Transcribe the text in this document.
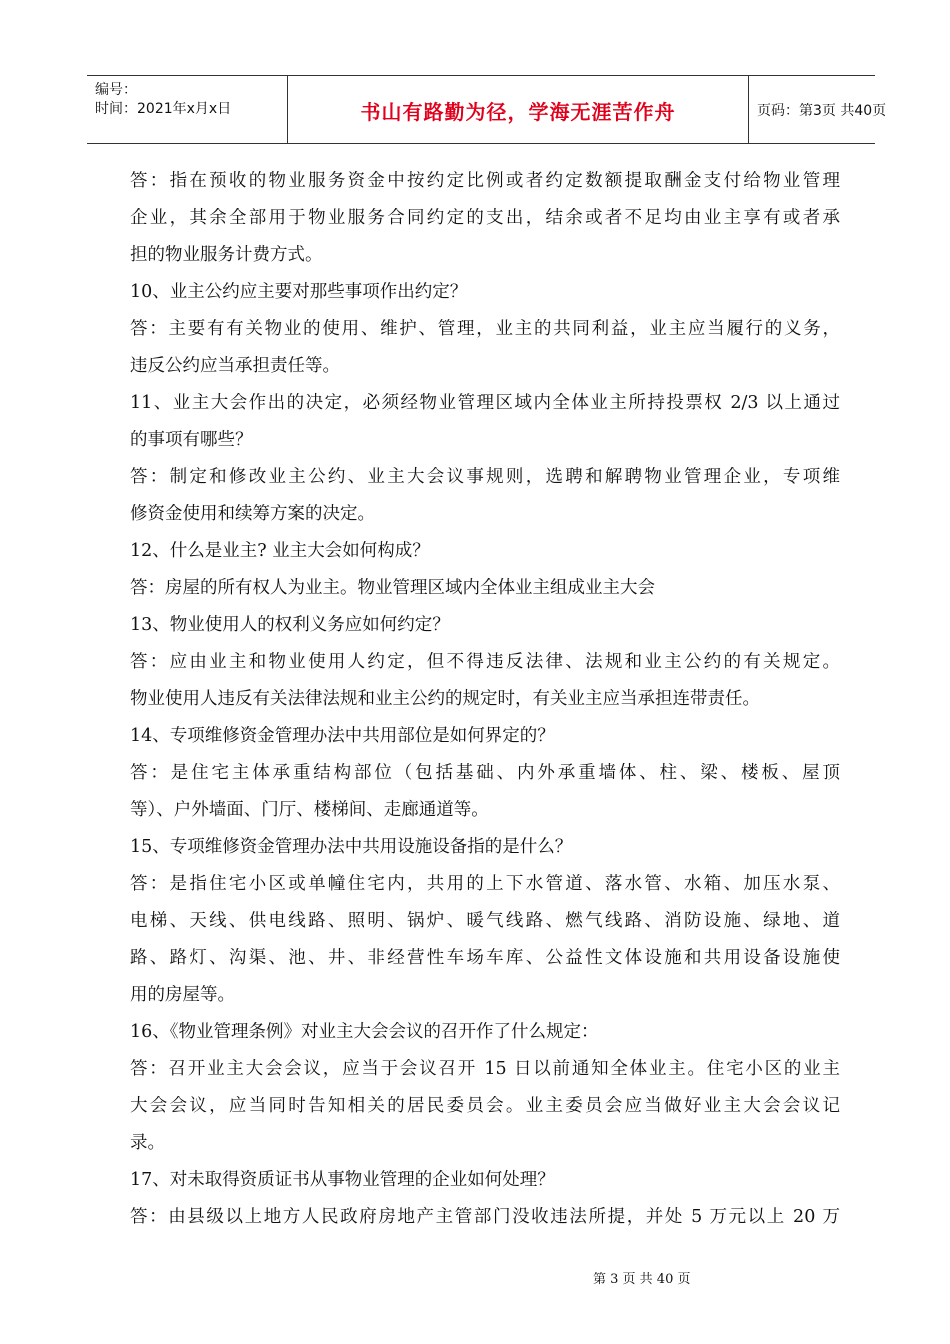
编号：
时间：2021年x月x日	书山有路勤为径，学海无涯苦作舟	页码：第3页 共40页
答：指在预收的物业服务资金中按约定比例或者约定数额提取酬金支付给物业管理
企业，其余全部用于物业服务合同约定的支出，结余或者不足均由业主享有或者承
担的物业服务计费方式。
10、业主公约应主要对那些事项作出约定？
答：主要有有关物业的使用、维护、管理，业主的共同利益，业主应当履行的义务，
违反公约应当承担责任等。
11、业主大会作出的决定，必须经物业管理区域内全体业主所持投票权 2/3 以上通过
的事项有哪些？
答：制定和修改业主公约、业主大会议事规则，选聘和解聘物业管理企业，专项维
修资金使用和续筹方案的决定。
12、什么是业主? 业主大会如何构成？
答：房屋的所有权人为业主。物业管理区域内全体业主组成业主大会
13、物业使用人的权利义务应如何约定？
答：应由业主和物业使用人约定，但不得违反法律、法规和业主公约的有关规定。
物业使用人违反有关法律法规和业主公约的规定时，有关业主应当承担连带责任。
14、专项维修资金管理办法中共用部位是如何界定的？
答：是住宅主体承重结构部位（包括基础、内外承重墙体、柱、梁、楼板、屋顶
等）、户外墙面、门厅、楼梯间、走廊通道等。
15、专项维修资金管理办法中共用设施设备指的是什么？
答：是指住宅小区或单幢住宅内，共用的上下水管道、落水管、水箱、加压水泵、
电梯、天线、供电线路、照明、锅炉、暖气线路、燃气线路、消防设施、绿地、道
路、路灯、沟渠、池、井、非经营性车场车库、公益性文体设施和共用设备设施使
用的房屋等。
16、《物业管理条例》对业主大会会议的召开作了什么规定：
答：召开业主大会会议，应当于会议召开 15 日以前通知全体业主。住宅小区的业主
大会会议，应当同时告知相关的居民委员会。业主委员会应当做好业主大会会议记
录。
17、对未取得资质证书从事物业管理的企业如何处理？
答：由县级以上地方人民政府房地产主管部门没收违法所提，并处 5 万元以上 20 万
第 3 页 共 40 页
